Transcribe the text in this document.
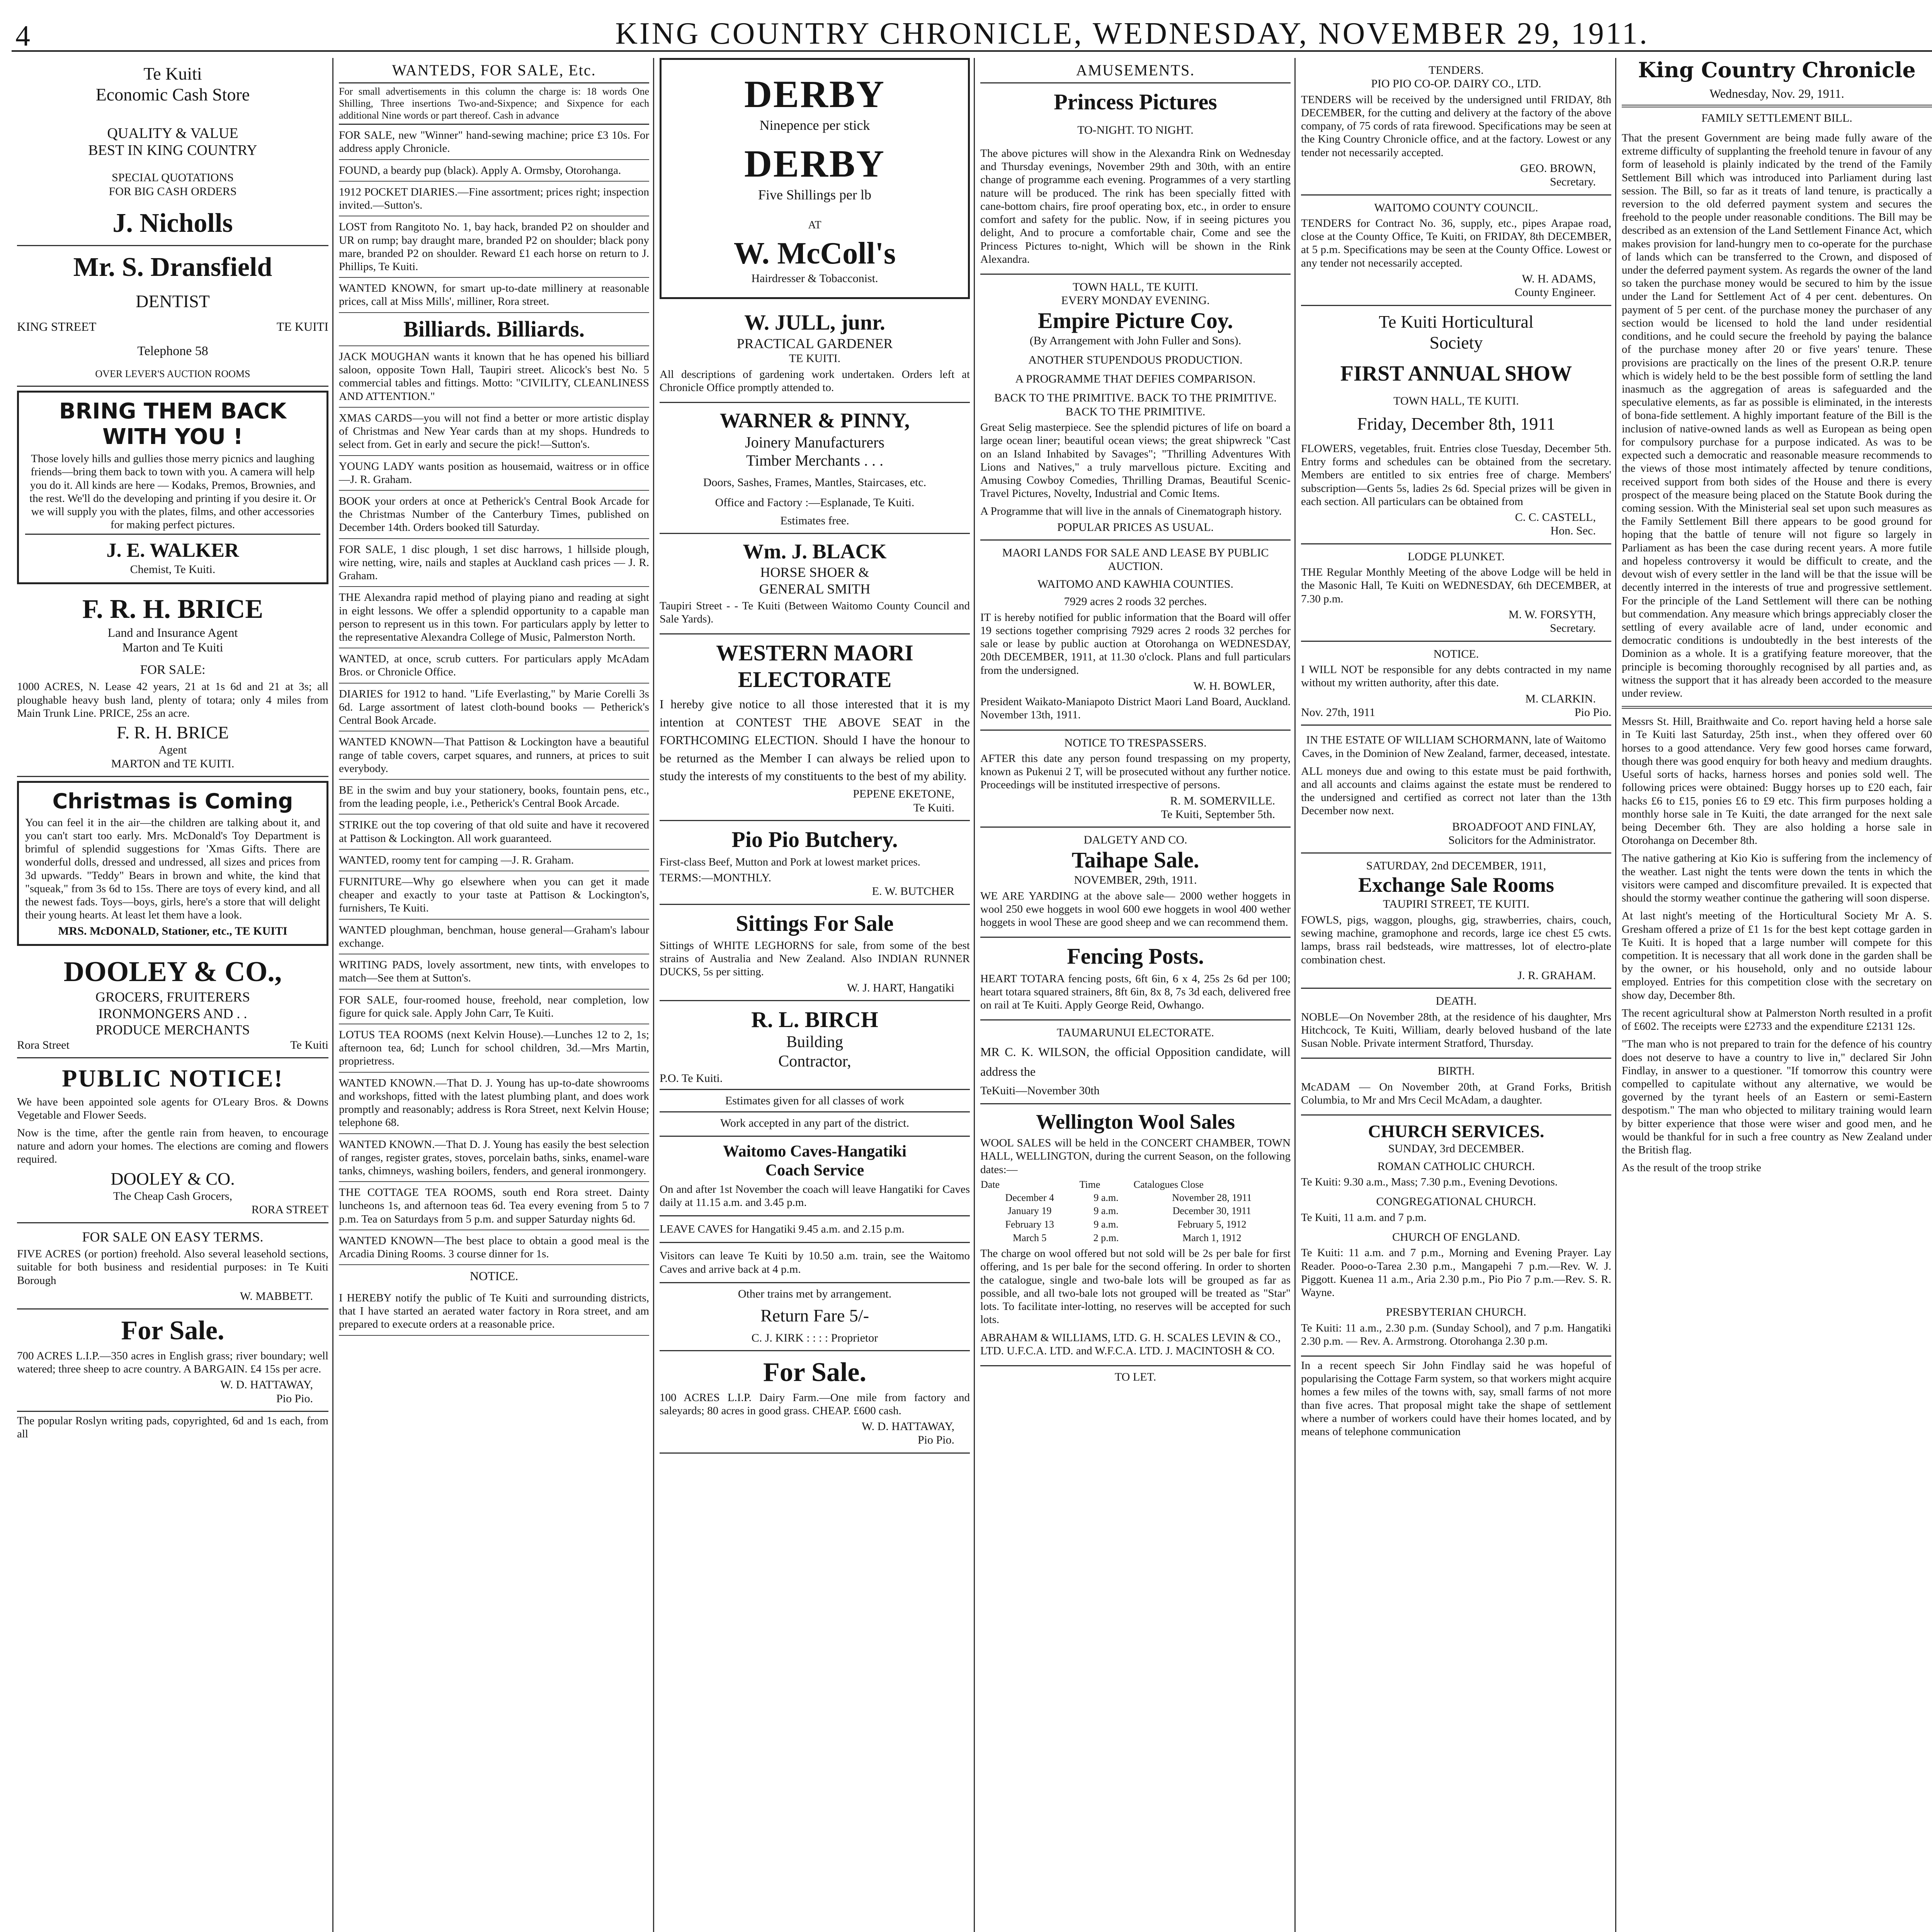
4	KING COUNTRY CHRONICLE, WEDNESDAY, NOVEMBER 29, 1911.
Te Kuiti
Economic Cash Store
QUALITY & VALUE
BEST IN KING COUNTRY
SPECIAL QUOTATIONS
FOR BIG CASH ORDERS
J. Nicholls
Mr. S. Dransfield
DENTIST
KING STREET	TE KUITI
Telephone 58
OVER LEVER'S AUCTION ROOMS
BRING THEM BACK WITH YOU !
Those lovely hills and gullies those merry picnics and laughing friends—bring them back to town with you. A camera will help you do it. All kinds are here — Kodaks, Premos, Brownies, and the rest. We'll do the developing and printing if you desire it. Or we will supply you with the plates, films, and other accessories for making perfect pictures.
J. E. WALKER
Chemist, Te Kuiti.
F. R. H. BRICE
Land and Insurance Agent
Marton and Te Kuiti
FOR SALE:
1000 ACRES, N. Lease 42 years, 21 at 1s 6d and 21 at 3s; all ploughable heavy bush land, plenty of totara; only 4 miles from Main Trunk Line. PRICE, 25s an acre.
F. R. H. BRICE
Agent
MARTON and TE KUITI.
Christmas is Coming
You can feel it in the air—the children are talking about it, and you can't start too early. Mrs. McDonald's Toy Department is brimful of splendid suggestions for 'Xmas Gifts. There are wonderful dolls, dressed and undressed, all sizes and prices from 3d upwards. "Teddy" Bears in brown and white, the kind that "squeak," from 3s 6d to 15s. There are toys of every kind, and all the newest fads. Toys—boys, girls, here's a store that will delight their young hearts. At least let them have a look.
MRS. McDONALD, Stationer, etc., TE KUITI
DOOLEY & CO.,
GROCERS, FRUITERERS
IRONMONGERS AND . .
PRODUCE MERCHANTS
Rora Street	Te Kuiti
PUBLIC NOTICE!
We have been appointed sole agents for O'Leary Bros. & Downs Vegetable and Flower Seeds.
Now is the time, after the gentle rain from heaven, to encourage nature and adorn your homes. The elections are coming and flowers required.
DOOLEY & CO.
The Cheap Cash Grocers,
RORA STREET
FOR SALE ON EASY TERMS.
FIVE ACRES (or portion) freehold. Also several leasehold sections, suitable for both business and residential purposes: in Te Kuiti Borough
W. MABBETT.
For Sale.
700 ACRES L.I.P.—350 acres in English grass; river boundary; well watered; three sheep to acre country. A BARGAIN. £4 15s per acre.
W. D. HATTAWAY,
Pio Pio.
The popular Roslyn writing pads, copyrighted, 6d and 1s each, from all
WANTEDS, FOR SALE, Etc.
For small advertisements in this column the charge is: 18 words One Shilling, Three insertions Two-and-Sixpence; and Sixpence for each additional Nine words or part thereof. Cash in advance
FOR SALE, new "Winner" hand-sewing machine; price £3 10s. For address apply Chronicle.
FOUND, a beardy pup (black). Apply A. Ormsby, Otorohanga.
1912 POCKET DIARIES.—Fine assortment; prices right; inspection invited.—Sutton's.
LOST from Rangitoto No. 1, bay hack, branded P2 on shoulder and UR on rump; bay draught mare, branded P2 on shoulder; black pony mare, branded P2 on shoulder. Reward £1 each horse on return to J. Phillips, Te Kuiti.
WANTED KNOWN, for smart up-to-date millinery at reasonable prices, call at Miss Mills', milliner, Rora street.
Billiards. Billiards.
JACK MOUGHAN wants it known that he has opened his billiard saloon, opposite Town Hall, Taupiri street. Alicock's best No. 5 commercial tables and fittings. Motto: "CIVILITY, CLEANLINESS AND ATTENTION."
XMAS CARDS—you will not find a better or more artistic display of Christmas and New Year cards than at my shops. Hundreds to select from. Get in early and secure the pick!—Sutton's.
YOUNG LADY wants position as housemaid, waitress or in office —J. R. Graham.
BOOK your orders at once at Petherick's Central Book Arcade for the Christmas Number of the Canterbury Times, published on December 14th. Orders booked till Saturday.
FOR SALE, 1 disc plough, 1 set disc harrows, 1 hillside plough, wire netting, wire, nails and staples at Auckland cash prices — J. R. Graham.
THE Alexandra rapid method of playing piano and reading at sight in eight lessons. We offer a splendid opportunity to a capable man person to represent us in this town. For particulars apply by letter to the representative Alexandra College of Music, Palmerston North.
WANTED, at once, scrub cutters. For particulars apply McAdam Bros. or Chronicle Office.
DIARIES for 1912 to hand. "Life Everlasting," by Marie Corelli 3s 6d. Large assortment of latest cloth-bound books — Petherick's Central Book Arcade.
WANTED KNOWN—That Pattison & Lockington have a beautiful range of table covers, carpet squares, and runners, at prices to suit everybody.
BE in the swim and buy your stationery, books, fountain pens, etc., from the leading people, i.e., Petherick's Central Book Arcade.
STRIKE out the top covering of that old suite and have it recovered at Pattison & Lockington. All work guaranteed.
WANTED, roomy tent for camping —J. R. Graham.
FURNITURE—Why go elsewhere when you can get it made cheaper and exactly to your taste at Pattison & Lockington's, furnishers, Te Kuiti.
WANTED ploughman, benchman, house general—Graham's labour exchange.
WRITING PADS, lovely assortment, new tints, with envelopes to match—See them at Sutton's.
FOR SALE, four-roomed house, freehold, near completion, low figure for quick sale. Apply John Carr, Te Kuiti.
LOTUS TEA ROOMS (next Kelvin House).—Lunches 12 to 2, 1s; afternoon tea, 6d; Lunch for school children, 3d.—Mrs Martin, proprietress.
WANTED KNOWN.—That D. J. Young has up-to-date showrooms and workshops, fitted with the latest plumbing plant, and does work promptly and reasonably; address is Rora Street, next Kelvin House; telephone 68.
WANTED KNOWN.—That D. J. Young has easily the best selection of ranges, register grates, stoves, porcelain baths, sinks, enamel-ware tanks, chimneys, washing boilers, fenders, and general ironmongery.
THE COTTAGE TEA ROOMS, south end Rora street. Dainty luncheons 1s, and afternoon teas 6d. Tea every evening from 5 to 7 p.m. Tea on Saturdays from 5 p.m. and supper Saturday nights 6d.
WANTED KNOWN—The best place to obtain a good meal is the Arcadia Dining Rooms. 3 course dinner for 1s.
NOTICE.
I HEREBY notify the public of Te Kuiti and surrounding districts, that I have started an aerated water factory in Rora street, and am prepared to execute orders at a reasonable price.
DERBY
Ninepence per stick
DERBY
Five Shillings per lb
AT
W. McColl's
Hairdresser & Tobacconist.
W. JULL, junr.
PRACTICAL GARDENER
TE KUITI.
All descriptions of gardening work undertaken. Orders left at Chronicle Office promptly attended to.
WARNER & PINNY,
Joinery Manufacturers
Timber Merchants . . .
Doors, Sashes, Frames, Mantles, Staircases, etc.
Office and Factory :—Esplanade, Te Kuiti.
Estimates free.
Wm. J. BLACK
HORSE SHOER &
GENERAL SMITH
Taupiri Street - - Te Kuiti (Between Waitomo County Council and Sale Yards).
WESTERN MAORI
ELECTORATE
I hereby give notice to all those interested that it is my intention at CONTEST THE ABOVE SEAT in the FORTHCOMING ELECTION. Should I have the honour to be returned as the Member I can always be relied upon to study the interests of my constituents to the best of my ability.
PEPENE EKETONE,
Te Kuiti.
Pio Pio Butchery.
First-class Beef, Mutton and Pork at lowest market prices.
TERMS:—MONTHLY.
E. W. BUTCHER
Sittings For Sale
Sittings of WHITE LEGHORNS for sale, from some of the best strains of Australia and New Zealand. Also INDIAN RUNNER DUCKS, 5s per sitting.
W. J. HART, Hangatiki
R. L. BIRCH
Building
Contractor,
P.O. Te Kuiti.
Estimates given for all classes of work
Work accepted in any part of the district.
Waitomo Caves-Hangatiki
Coach Service
On and after 1st November the coach will leave Hangatiki for Caves daily at 11.15 a.m. and 3.45 p.m.
LEAVE CAVES for Hangatiki 9.45 a.m. and 2.15 p.m.
Visitors can leave Te Kuiti by 10.50 a.m. train, see the Waitomo Caves and arrive back at 4 p.m.
Other trains met by arrangement.
Return Fare 5/-
C. J. KIRK : : : : Proprietor
For Sale.
100 ACRES L.I.P. Dairy Farm.—One mile from factory and saleyards; 80 acres in good grass. CHEAP. £600 cash.
W. D. HATTAWAY,
Pio Pio.
AMUSEMENTS.
Princess Pictures
TO-NIGHT. TO NIGHT.
The above pictures will show in the Alexandra Rink on Wednesday and Thursday evenings, November 29th and 30th, with an entire change of programme each evening. Programmes of a very startling nature will be produced. The rink has been specially fitted with cane-bottom chairs, fire proof operating box, etc., in order to ensure comfort and safety for the public. Now, if in seeing pictures you delight, And to procure a comfortable chair, Come and see the Princess Pictures to-night, Which will be shown in the Rink Alexandra.
TOWN HALL, TE KUITI.
EVERY MONDAY EVENING.
Empire Picture Coy.
(By Arrangement with John Fuller and Sons).
ANOTHER STUPENDOUS PRODUCTION.
A PROGRAMME THAT DEFIES COMPARISON.
BACK TO THE PRIMITIVE. BACK TO THE PRIMITIVE. BACK TO THE PRIMITIVE.
Great Selig masterpiece. See the splendid pictures of life on board a large ocean liner; beautiful ocean views; the great shipwreck "Cast on an Island Inhabited by Savages"; "Thrilling Adventures With Lions and Natives," a truly marvellous picture. Exciting and Amusing Cowboy Comedies, Thrilling Dramas, Beautiful Scenic-Travel Pictures, Novelty, Industrial and Comic Items.
A Programme that will live in the annals of Cinematograph history.
POPULAR PRICES AS USUAL.
MAORI LANDS FOR SALE AND LEASE BY PUBLIC AUCTION.
WAITOMO AND KAWHIA COUNTIES.
7929 acres 2 roods 32 perches.
IT is hereby notified for public information that the Board will offer 19 sections together comprising 7929 acres 2 roods 32 perches for sale or lease by public auction at Otorohanga on WEDNESDAY, 20th DECEMBER, 1911, at 11.30 o'clock. Plans and full particulars from the undersigned.
W. H. BOWLER,
President Waikato-Maniapoto District Maori Land Board, Auckland. November 13th, 1911.
NOTICE TO TRESPASSERS.
AFTER this date any person found trespassing on my property, known as Pukenui 2 T, will be prosecuted without any further notice. Proceedings will be instituted irrespective of persons.
R. M. SOMERVILLE.
Te Kuiti, September 5th.
DALGETY AND CO.
Taihape Sale.
NOVEMBER, 29th, 1911.
WE ARE YARDING at the above sale— 2000 wether hoggets in wool 250 ewe hoggets in wool 600 ewe hoggets in wool 400 wether hoggets in wool These are good sheep and we can recommend them.
Fencing Posts.
HEART TOTARA fencing posts, 6ft 6in, 6 x 4, 25s 2s 6d per 100; heart totara squared strainers, 8ft 6in, 8x 8, 7s 3d each, delivered free on rail at Te Kuiti. Apply George Reid, Owhango.
TAUMARUNUI ELECTORATE.
MR C. K. WILSON, the official Opposition candidate, will address the
TeKuiti—November 30th
Wellington Wool Sales
WOOL SALES will be held in the CONCERT CHAMBER, TOWN HALL, WELLINGTON, during the current Season, on the following dates:—
Date	Time	Catalogues Close
December 4	9 a.m.	November 28, 1911
January 19	9 a.m.	December 30, 1911
February 13	9 a.m.	February 5, 1912
March 5	2 p.m.	March 1, 1912
The charge on wool offered but not sold will be 2s per bale for first offering, and 1s per bale for the second offering. In order to shorten the catalogue, single and two-bale lots will be grouped as far as possible, and all two-bale lots not grouped will be treated as "Star" lots. To facilitate inter-lotting, no reserves will be accepted for such lots.
ABRAHAM & WILLIAMS, LTD. G. H. SCALES LEVIN & CO., LTD. U.F.C.A. LTD. and W.F.C.A. LTD. J. MACINTOSH & CO.
TO LET.
TENDERS.
PIO PIO CO-OP. DAIRY CO., LTD.
TENDERS will be received by the undersigned until FRIDAY, 8th DECEMBER, for the cutting and delivery at the factory of the above company, of 75 cords of rata firewood. Specifications may be seen at the King Country Chronicle office, and at the factory. Lowest or any tender not necessarily accepted.
GEO. BROWN,
Secretary.
WAITOMO COUNTY COUNCIL.
TENDERS for Contract No. 36, supply, etc., pipes Arapae road, close at the County Office, Te Kuiti, on FRIDAY, 8th DECEMBER, at 5 p.m. Specifications may be seen at the County Office. Lowest or any tender not necessarily accepted.
W. H. ADAMS,
County Engineer.
Te Kuiti Horticultural
Society
FIRST ANNUAL SHOW
TOWN HALL, TE KUITI.
Friday, December 8th, 1911
FLOWERS, vegetables, fruit. Entries close Tuesday, December 5th. Entry forms and schedules can be obtained from the secretary. Members are entitled to six entries free of charge. Members' subscription—Gents 5s, ladies 2s 6d. Special prizes will be given in each section. All particulars can be obtained from
C. C. CASTELL,
Hon. Sec.
LODGE PLUNKET.
THE Regular Monthly Meeting of the above Lodge will be held in the Masonic Hall, Te Kuiti on WEDNESDAY, 6th DECEMBER, at 7.30 p.m.
M. W. FORSYTH,
Secretary.
NOTICE.
I WILL NOT be responsible for any debts contracted in my name without my written authority, after this date.
M. CLARKIN.
Nov. 27th, 1911	Pio Pio.
IN THE ESTATE OF WILLIAM SCHORMANN, late of Waitomo Caves, in the Dominion of New Zealand, farmer, deceased, intestate.
ALL moneys due and owing to this estate must be paid forthwith, and all accounts and claims against the estate must be rendered to the undersigned and certified as correct not later than the 13th December now next.
BROADFOOT AND FINLAY,
Solicitors for the Administrator.
SATURDAY, 2nd DECEMBER, 1911,
Exchange Sale Rooms
TAUPIRI STREET, TE KUITI.
FOWLS, pigs, waggon, ploughs, gig, strawberries, chairs, couch, sewing machine, gramophone and records, large ice chest £5 cwts. lamps, brass rail bedsteads, wire mattresses, lot of electro-plate combination chest.
J. R. GRAHAM.
DEATH.
NOBLE—On November 28th, at the residence of his daughter, Mrs Hitchcock, Te Kuiti, William, dearly beloved husband of the late Susan Noble. Private interment Stratford, Thursday.
BIRTH.
McADAM — On November 20th, at Grand Forks, British Columbia, to Mr and Mrs Cecil McAdam, a daughter.
CHURCH SERVICES.
SUNDAY, 3rd DECEMBER.
ROMAN CATHOLIC CHURCH.
Te Kuiti: 9.30 a.m., Mass; 7.30 p.m., Evening Devotions.
CONGREGATIONAL CHURCH.
Te Kuiti, 11 a.m. and 7 p.m.
CHURCH OF ENGLAND.
Te Kuiti: 11 a.m. and 7 p.m., Morning and Evening Prayer. Lay Reader. Pooo-o-Tarea 2.30 p.m., Mangapehi 7 p.m.—Rev. W. J. Piggott. Kuenea 11 a.m., Aria 2.30 p.m., Pio Pio 7 p.m.—Rev. S. R. Wayne.
PRESBYTERIAN CHURCH.
Te Kuiti: 11 a.m., 2.30 p.m. (Sunday School), and 7 p.m. Hangatiki 2.30 p.m. — Rev. A. Armstrong. Otorohanga 2.30 p.m.
In a recent speech Sir John Findlay said he was hopeful of popularising the Cottage Farm system, so that workers might acquire homes a few miles of the towns with, say, small farms of not more than five acres. That proposal might take the shape of settlement where a number of workers could have their homes located, and by means of telephone communication
King Country Chronicle
Wednesday, Nov. 29, 1911.
FAMILY SETTLEMENT BILL.
That the present Government are being made fully aware of the extreme difficulty of supplanting the freehold tenure in favour of any form of leasehold is plainly indicated by the trend of the Family Settlement Bill which was introduced into Parliament during last session. The Bill, so far as it treats of land tenure, is practically a reversion to the old deferred payment system and secures the freehold to the people under reasonable conditions. The Bill may be described as an extension of the Land Settlement Finance Act, which makes provision for land-hungry men to co-operate for the purchase of lands which can be transferred to the Crown, and disposed of under the deferred payment system. As regards the owner of the land so taken the purchase money would be secured to him by the issue under the Land for Settlement Act of 4 per cent. debentures. On payment of 5 per cent. of the purchase money the purchaser of any section would be licensed to hold the land under residential conditions, and he could secure the freehold by paying the balance of the purchase money after 20 or five years' tenure. These provisions are practically on the lines of the present O.R.P. tenure which is widely held to be the best possible form of settling the land inasmuch as the aggregation of areas is safeguarded and the speculative elements, as far as possible is eliminated, in the interests of bona-fide settlement. A highly important feature of the Bill is the inclusion of native-owned lands as well as European as being open for compulsory purchase for a purpose indicated. As was to be expected such a democratic and reasonable measure recommends to the views of those most intimately affected by tenure conditions, received support from both sides of the House and there is every prospect of the measure being placed on the Statute Book during the coming session. With the Ministerial seal set upon such measures as the Family Settlement Bill there appears to be good ground for hoping that the battle of tenure will not figure so largely in Parliament as has been the case during recent years. A more futile and hopeless controversy it would be difficult to create, and the devout wish of every settler in the land will be that the issue will be decently interred in the interests of true and progressive settlement. For the principle of the Land Settlement will there can be nothing but commendation. Any measure which brings appreciably closer the settling of every available acre of land, under economic and democratic conditions is undoubtedly in the best interests of the Dominion as a whole. It is a gratifying feature moreover, that the principle is becoming thoroughly recognised by all parties and, as witness the support that it has already been accorded to the measure under review.
Messrs St. Hill, Braithwaite and Co. report having held a horse sale in Te Kuiti last Saturday, 25th inst., when they offered over 60 horses to a good attendance. Very few good horses came forward, though there was good enquiry for both heavy and medium draughts. Useful sorts of hacks, harness horses and ponies sold well. The following prices were obtained: Buggy horses up to £20 each, fair hacks £6 to £15, ponies £6 to £9 etc. This firm purposes holding a monthly horse sale in Te Kuiti, the date arranged for the next sale being December 6th. They are also holding a horse sale in Otorohanga on December 8th.
The native gathering at Kio Kio is suffering from the inclemency of the weather. Last night the tents were down the tents in which the visitors were camped and discomfiture prevailed. It is expected that should the stormy weather continue the gathering will soon disperse.
At last night's meeting of the Horticultural Society Mr A. S. Gresham offered a prize of £1 1s for the best kept cottage garden in Te Kuiti. It is hoped that a large number will compete for this competition. It is necessary that all work done in the garden shall be by the owner, or his household, only and no outside labour employed. Entries for this competition close with the secretary on show day, December 8th.
The recent agricultural show at Palmerston North resulted in a profit of £602. The receipts were £2733 and the expenditure £2131 12s.
"The man who is not prepared to train for the defence of his country does not deserve to have a country to live in," declared Sir John Findlay, in answer to a questioner. "If tomorrow this country were compelled to capitulate without any alternative, we would be governed by the tyrant heels of an Eastern or semi-Eastern despotism." The man who objected to military training would learn by bitter experience that those were wiser and good men, and he would be thankful for in such a free country as New Zealand under the British flag.
As the result of the troop strike
